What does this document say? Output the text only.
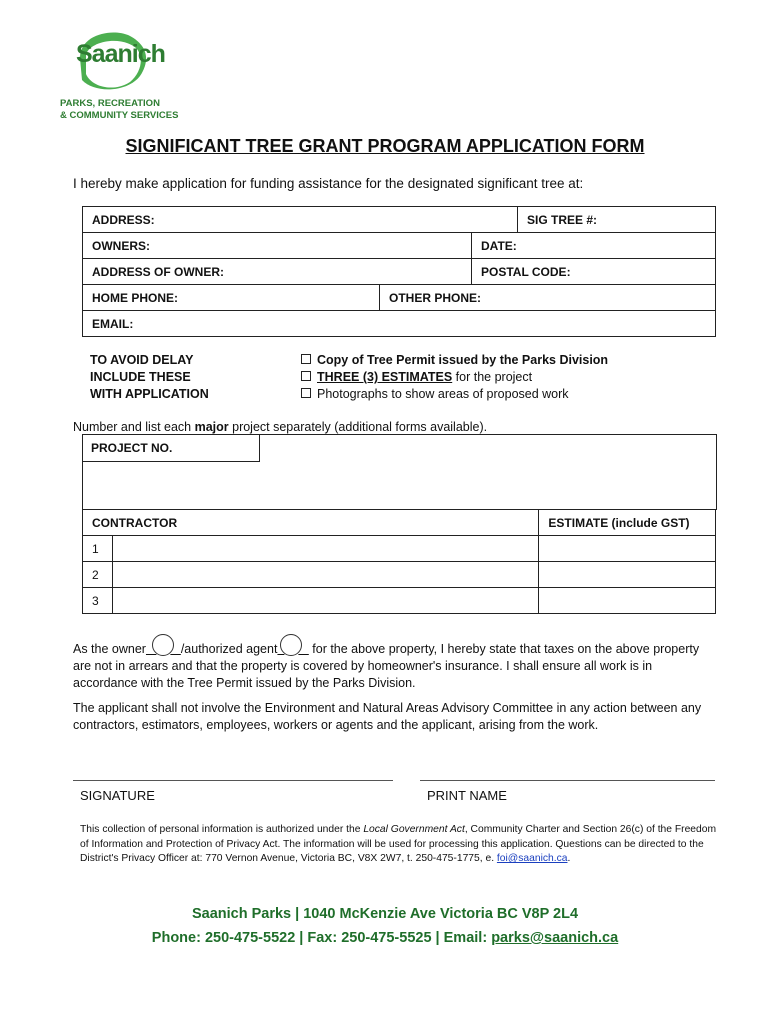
Saanich
PARKS, RECREATION
& COMMUNITY SERVICES
SIGNIFICANT TREE GRANT PROGRAM APPLICATION FORM
I hereby make application for funding assistance for the designated significant tree at:
ADDRESS:	SIG TREE #:
OWNERS:	DATE:
ADDRESS OF OWNER:	POSTAL CODE:
HOME PHONE:	OTHER PHONE:
EMAIL:
TO AVOID DELAY
INCLUDE THESE
WITH APPLICATION
Copy of Tree Permit issued by the Parks Division
THREE (3) ESTIMATES for the project
Photographs to show areas of proposed work
Number and list each major project separately (additional forms available).
PROJECT NO.
CONTRACTOR		ESTIMATE (include GST)
1		
2		
3		
As the owner	/authorized agent	for the above property, I hereby state that taxes on the above property are not in arrears and that the property is covered by homeowner's insurance. I shall ensure all work is in accordance with the Tree Permit issued by the Parks Division.
The applicant shall not involve the Environment and Natural Areas Advisory Committee in any action between any contractors, estimators, employees, workers or agents and the applicant, arising from the work.
SIGNATURE	PRINT NAME
This collection of personal information is authorized under the Local Government Act, Community Charter and Section 26(c) of the Freedom of Information and Protection of Privacy Act. The information will be used for processing this application. Questions can be directed to the District's Privacy Officer at: 770 Vernon Avenue, Victoria BC, V8X 2W7, t. 250-475-1775, e. foi@saanich.ca.
Saanich Parks | 1040 McKenzie Ave Victoria BC V8P 2L4
Phone: 250-475-5522 | Fax: 250-475-5525 | Email: parks@saanich.ca
